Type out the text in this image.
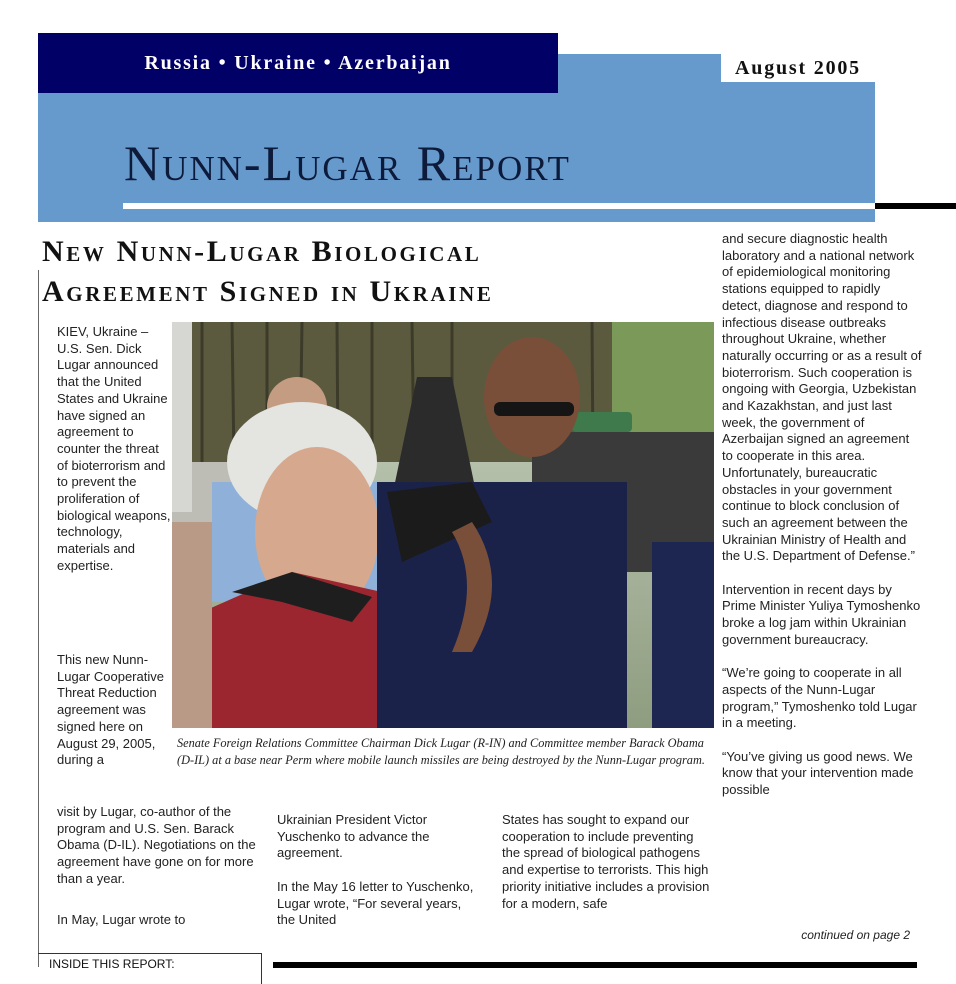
Russia • Ukraine • Azerbaijan	August 2005
Nunn-Lugar Report
New Nunn-Lugar Biological
Agreement Signed in Ukraine
KIEV, Ukraine – U.S. Sen. Dick Lugar announced that the United States and Ukraine have signed an agreement to counter the threat of bioterrorism and to prevent the proliferation of biological weapons, technology, materials and expertise.
This new Nunn-Lugar Cooperative Threat Reduction agreement was signed here on August 29, 2005, during a
visit by Lugar, co-author of the program and U.S. Sen. Barack Obama (D-IL). Negotiations on the agreement have gone on for more than a year.
In May, Lugar wrote to

Ukrainian President Victor Yuschenko to advance the agreement.

In the May 16 letter to Yuschenko, Lugar wrote, “For several years, the United

States has sought to expand our cooperation to include preventing the spread of biological pathogens and expertise to terrorists. This high priority initiative includes a provision for a modern, safe

and secure diagnostic health laboratory and a national network of epidemiological monitoring stations equipped to rapidly detect, diagnose and respond to infectious disease outbreaks throughout Ukraine, whether naturally occurring or as a result of bioterrorism. Such cooperation is ongoing with Georgia, Uzbekistan and Kazakhstan, and just last week, the government of Azerbaijan signed an agreement to cooperate in this area. Unfortunately, bureaucratic obstacles in your government continue to block conclusion of such an agreement between the Ukrainian Ministry of Health and the U.S. Department of Defense.”

Intervention in recent days by Prime Minister Yuliya Tymoshenko broke a log jam within Ukrainian government bureaucracy.

“We’re going to cooperate in all aspects of the Nunn-Lugar program,” Tymoshenko told Lugar in a meeting.

“You’ve giving us good news. We know that your intervention made possible

Senate Foreign Relations Committee Chairman Dick Lugar (R-IN) and Committee member Barack Obama (D-IL) at a base near Perm where mobile launch missiles are being destroyed by the Nunn-Lugar program.
continued on page 2
INSIDE THIS REPORT:
